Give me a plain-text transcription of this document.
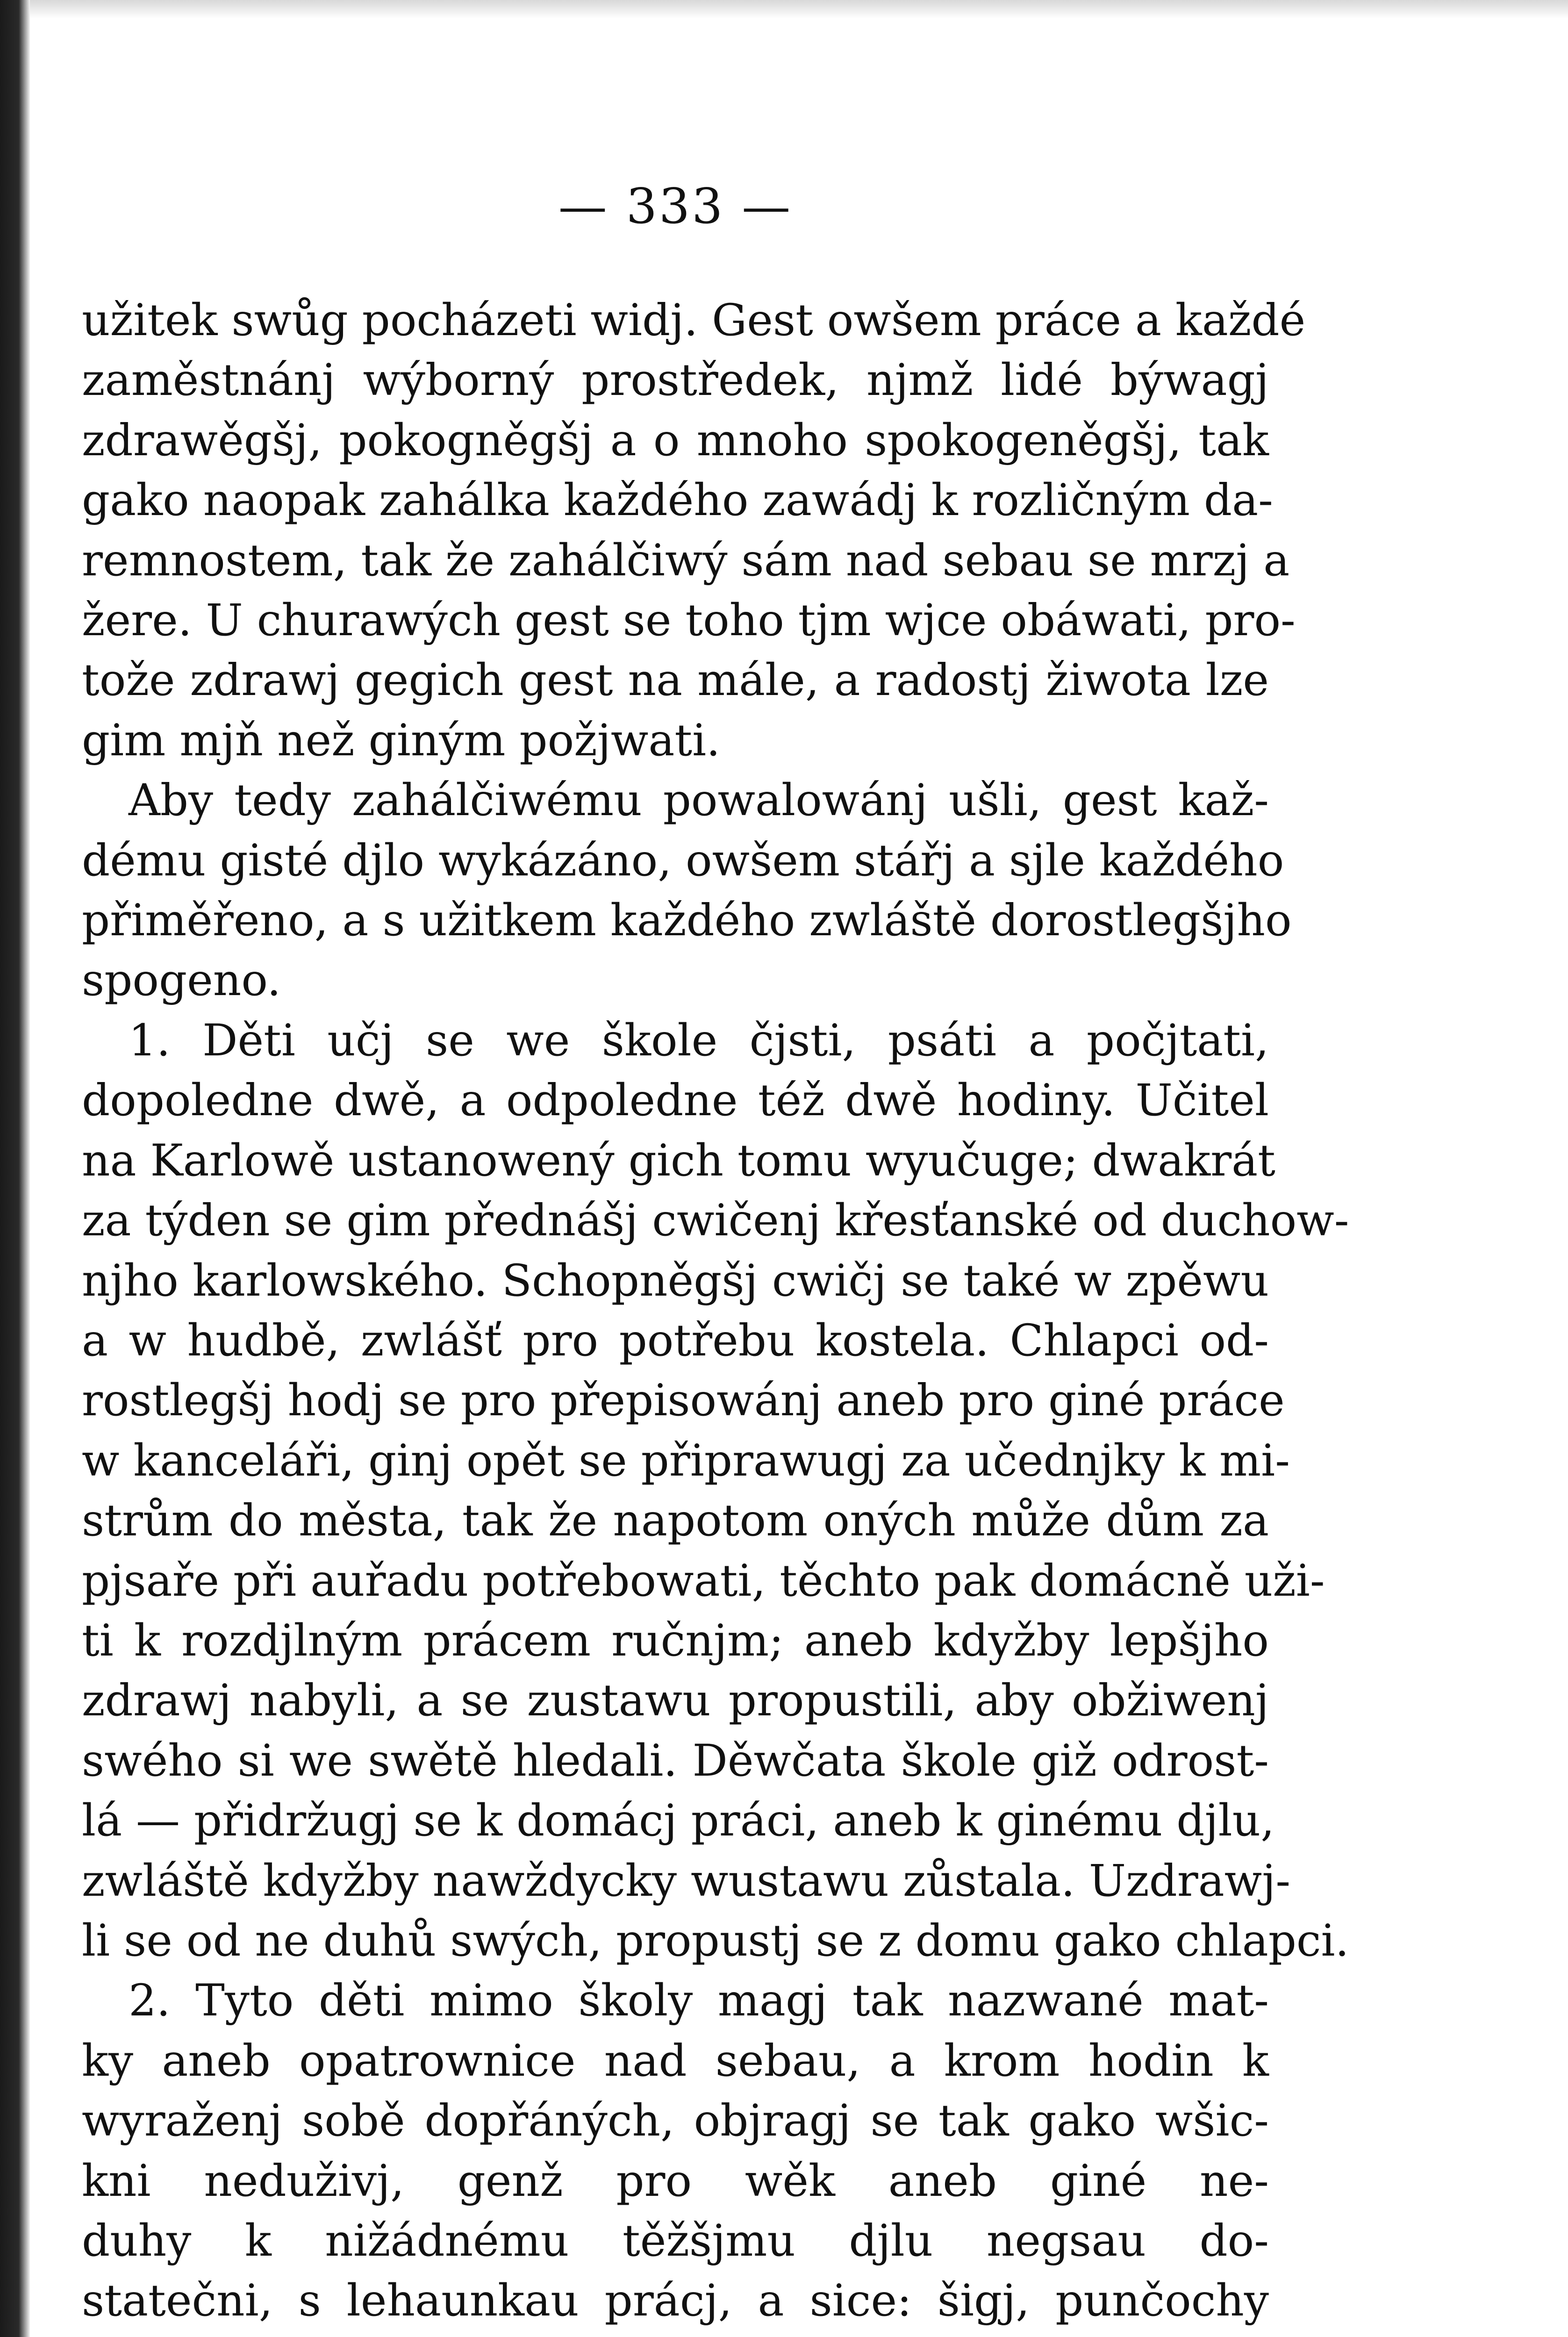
— 333 —
užitek swůg pocházeti widj. Gest owšem práce a každé
zaměstnánj wýborný prostředek, njmž lidé býwagj
zdrawěgšj, pokogněgšj a o mnoho spokogeněgšj, tak
gako naopak zahálka každého zawádj k rozličným da-
remnostem, tak že zahálčiwý sám nad sebau se mrzj a
žere. U churawých gest se toho tjm wjce obáwati, pro-
tože zdrawj gegich gest na mále, a radostj žiwota lze
gim mjň než giným požjwati.
Aby tedy zahálčiwému powalowánj ušli, gest kaž-
dému gisté djlo wykázáno, owšem stářj a sjle každého
přiměřeno, a s užitkem každého zwláště dorostlegšjho
spogeno.
1. Děti učj se we škole čjsti, psáti a počjtati,
dopoledne dwě, a odpoledne též dwě hodiny. Učitel
na Karlowě ustanowený gich tomu wyučuge; dwakrát
za týden se gim přednášj cwičenj křesťanské od duchow-
njho karlowského. Schopněgšj cwičj se také w zpěwu
a w hudbě, zwlášť pro potřebu kostela. Chlapci od-
rostlegšj hodj se pro přepisowánj aneb pro giné práce
w kanceláři, ginj opět se připrawugj za učednjky k mi-
strům do města, tak že napotom oných může dům za
pjsaře při auřadu potřebowati, těchto pak domácně uži-
ti k rozdjlným prácem ručnjm; aneb kdyžby lepšjho
zdrawj nabyli, a se zustawu propustili, aby obžiwenj
swého si we swětě hledali. Děwčata škole giž odrost-
lá — přidržugj se k domácj práci, aneb k ginému djlu,
zwláště kdyžby nawždycky wustawu zůstala. Uzdrawj-
li se od ne duhů swých, propustj se z domu gako chlapci.
2. Tyto děti mimo školy magj tak nazwané mat-
ky aneb opatrownice nad sebau, a krom hodin k
wyraženj sobě dopřáných, objragj se tak gako wšic-
kni neduživj, genž pro wěk aneb giné ne-
duhy k nižádnému těžšjmu djlu negsau do-
statečni, s lehaunkau prácj, a sice: šigj, punčochy
